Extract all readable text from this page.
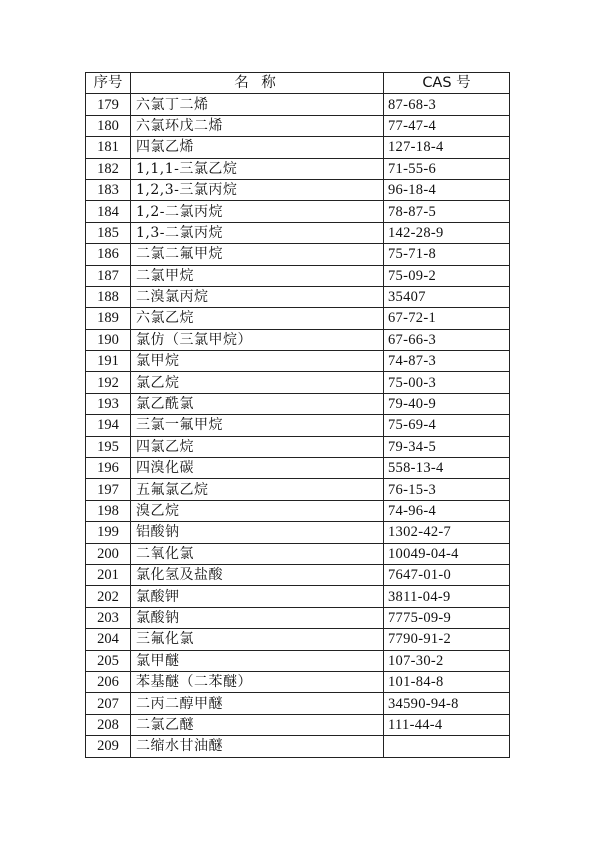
序号	名 称	CAS 号
179	六氯丁二烯	87-68-3
180	六氯环戊二烯	77-47-4
181	四氯乙烯	127-18-4
182	1,1,1-三氯乙烷	71-55-6
183	1,2,3-三氯丙烷	96-18-4
184	1,2-二氯丙烷	78-87-5
185	1,3-二氯丙烷	142-28-9
186	二氯二氟甲烷	75-71-8
187	二氯甲烷	75-09-2
188	二溴氯丙烷	35407
189	六氯乙烷	67-72-1
190	氯仿（三氯甲烷）	67-66-3
191	氯甲烷	74-87-3
192	氯乙烷	75-00-3
193	氯乙酰氯	79-40-9
194	三氯一氟甲烷	75-69-4
195	四氯乙烷	79-34-5
196	四溴化碳	558-13-4
197	五氟氯乙烷	76-15-3
198	溴乙烷	74-96-4
199	铝酸钠	1302-42-7
200	二氧化氯	10049-04-4
201	氯化氢及盐酸	7647-01-0
202	氯酸钾	3811-04-9
203	氯酸钠	7775-09-9
204	三氟化氯	7790-91-2
205	氯甲醚	107-30-2
206	苯基醚（二苯醚）	101-84-8
207	二丙二醇甲醚	34590-94-8
208	二氯乙醚	111-44-4
209	二缩水甘油醚	
